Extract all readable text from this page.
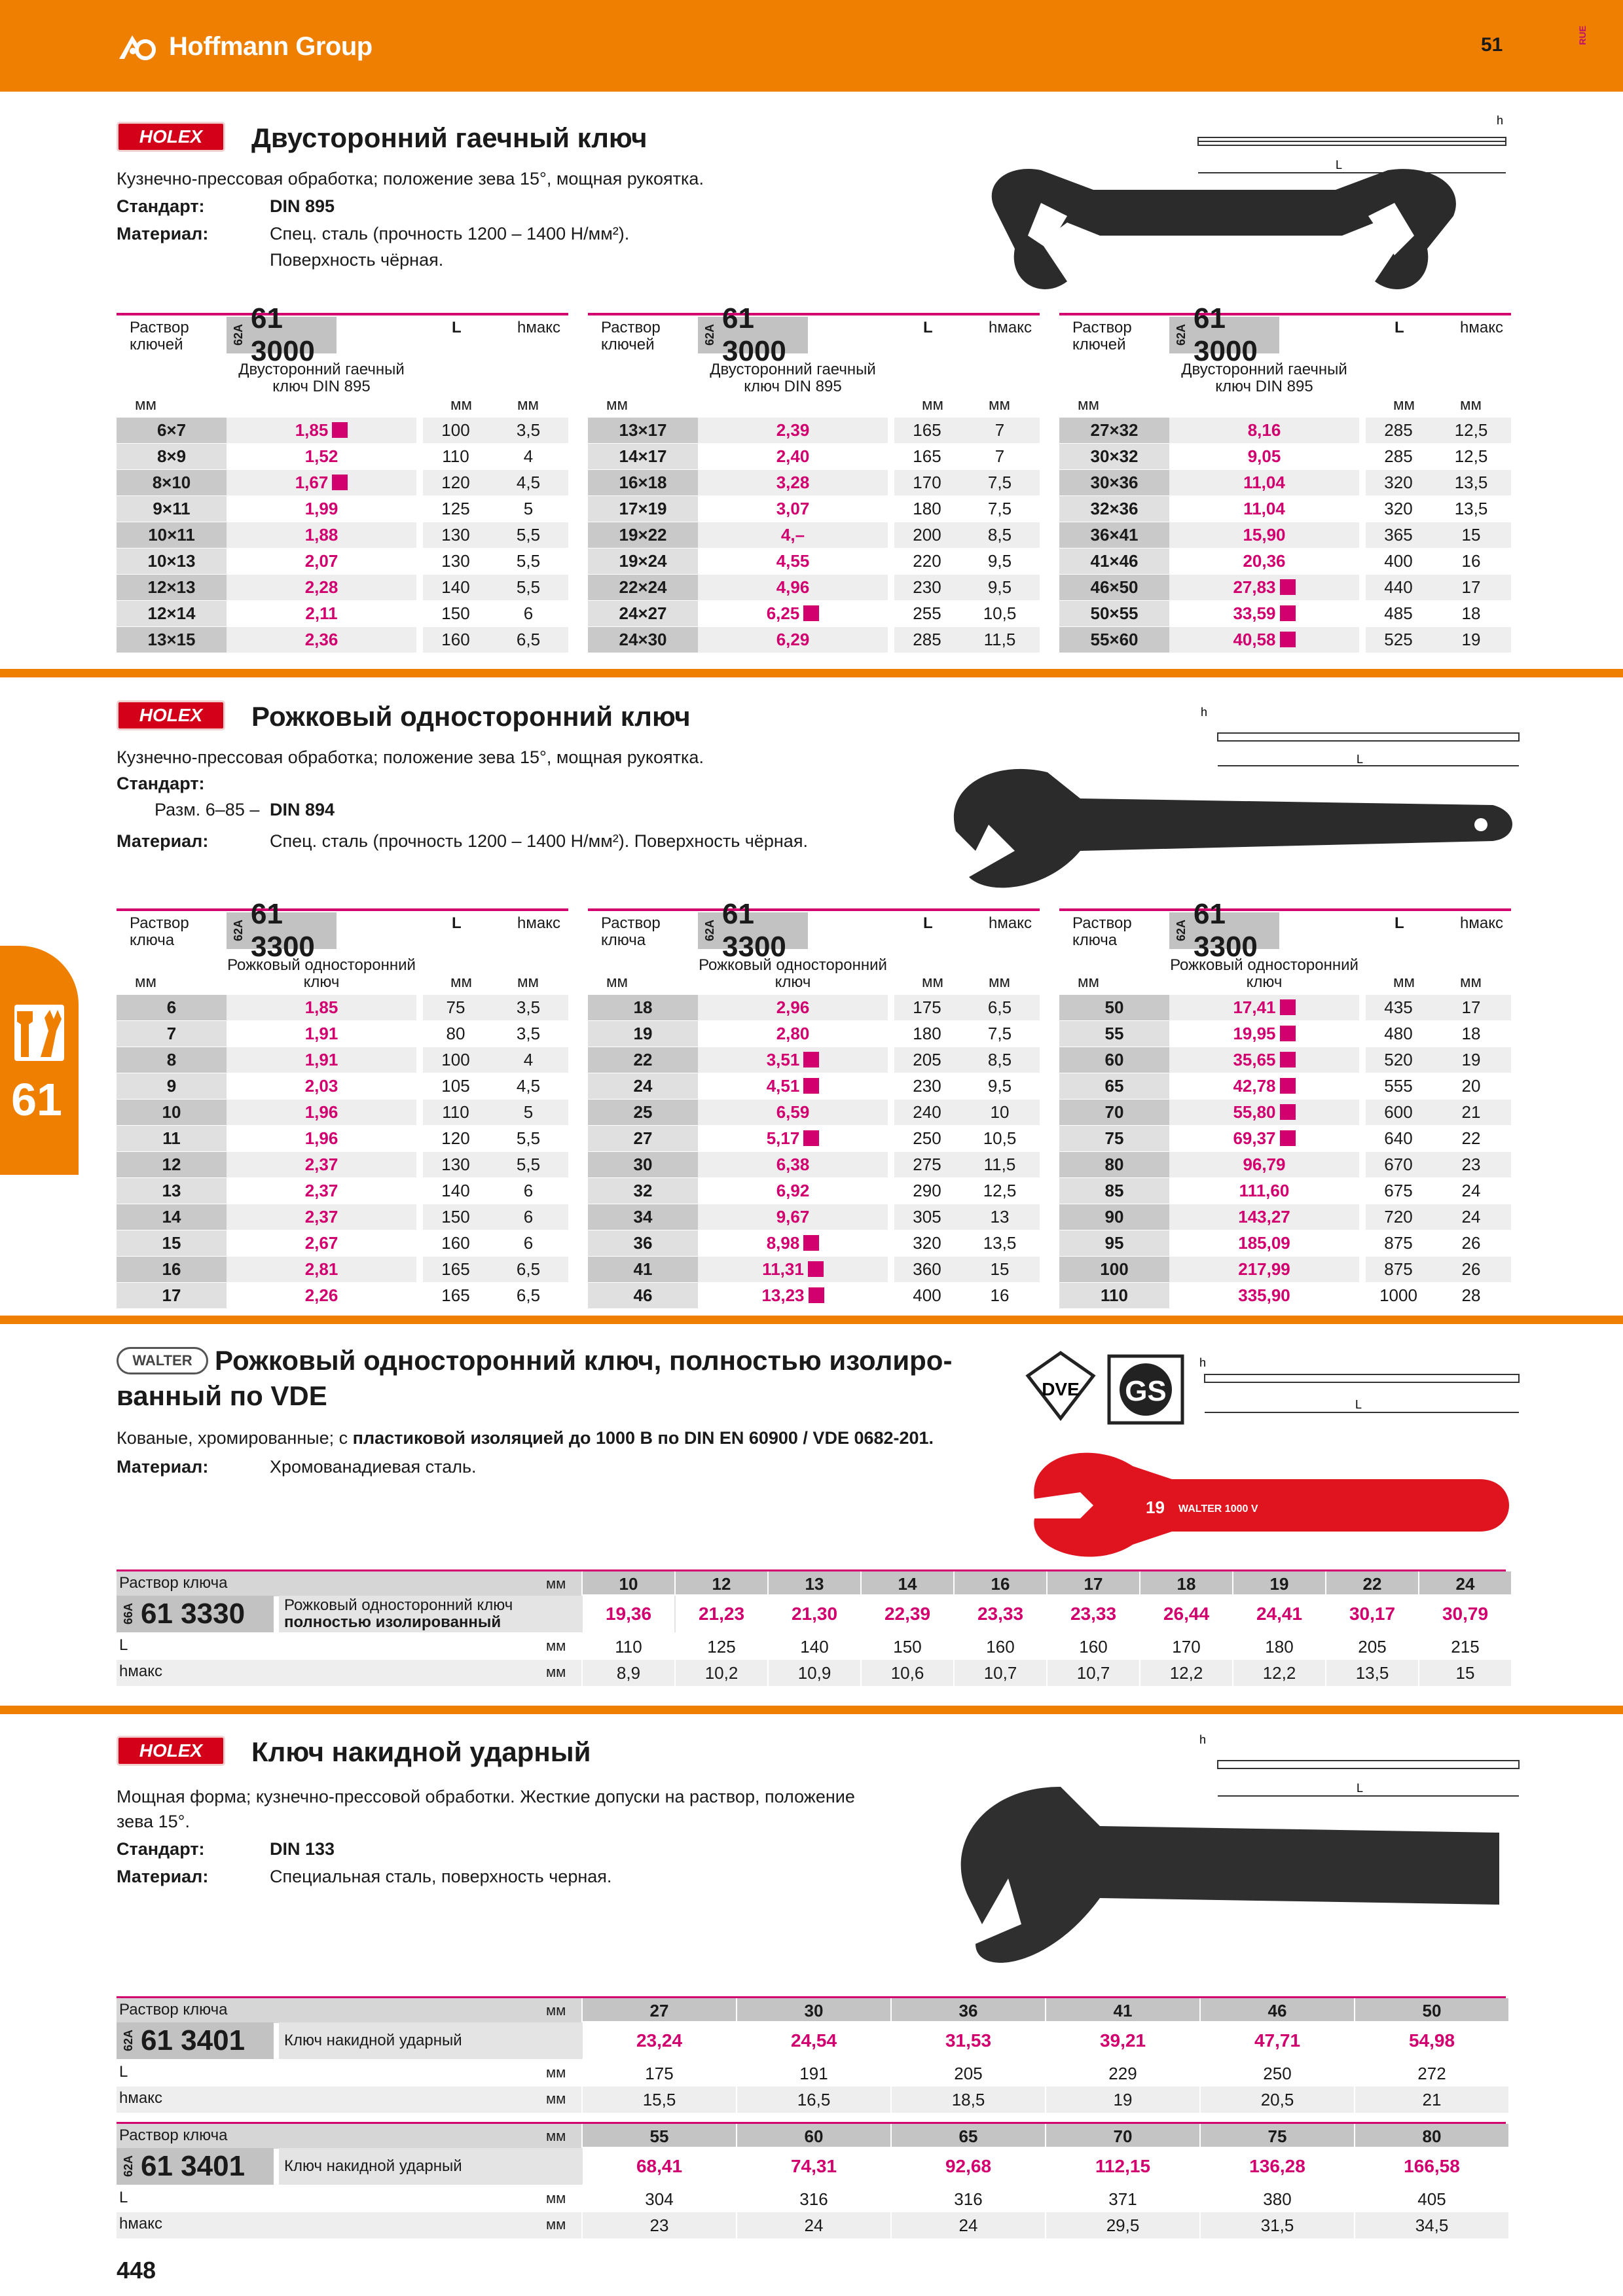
Hoffmann Group	51	RUE
61
HOLEX	Двусторонний гаечный ключ
Кузнечно-прессовая обработка; положение зева 15°, мощная рукоятка.
Стандарт:	DIN 895
Материал:	Спец. сталь (прочность 1200 – 1400 Н/мм²).
Поверхность чёрная.
L
h
Раствор ключей	62A
61 3000
L	hмакс
Двусторонний гаечный ключ DIN 895
мм	мм	мм
6×7	1,85		100	3,5
8×9	1,52		110	4
8×10	1,67		120	4,5
9×11	1,99		125	5
10×11	1,88		130	5,5
10×13	2,07		130	5,5
12×13	2,28		140	5,5
12×14	2,11		150	6
13×15	2,36		160	6,5
Раствор ключей	62A
61 3000
L	hмакс
Двусторонний гаечный ключ DIN 895
мм	мм	мм
13×17	2,39		165	7
14×17	2,40		165	7
16×18	3,28		170	7,5
17×19	3,07		180	7,5
19×22	4,–		200	8,5
19×24	4,55		220	9,5
22×24	4,96		230	9,5
24×27	6,25		255	10,5
24×30	6,29		285	11,5
Раствор ключей	62A
61 3000
L	hмакс
Двусторонний гаечный ключ DIN 895
мм	мм	мм
27×32	8,16		285	12,5
30×32	9,05		285	12,5
30×36	11,04		320	13,5
32×36	11,04		320	13,5
36×41	15,90		365	15
41×46	20,36		400	16
46×50	27,83		440	17
50×55	33,59		485	18
55×60	40,58		525	19
HOLEX	Рожковый односторонний ключ
Кузнечно-прессовая обработка; положение зева 15°, мощная рукоятка.
Стандарт:
Разм. 6–85 – DIN 894
Материал:	Спец. сталь (прочность 1200 – 1400 Н/мм²). Поверхность чёрная.
L
h
Раствор ключа	62A
61 3300
L	hмакс
Рожковый односторонний ключ
мм	мм	мм
6	1,85		75	3,5
7	1,91		80	3,5
8	1,91		100	4
9	2,03		105	4,5
10	1,96		110	5
11	1,96		120	5,5
12	2,37		130	5,5
13	2,37		140	6
14	2,37		150	6
15	2,67		160	6
16	2,81		165	6,5
17	2,26		165	6,5
Раствор ключа	62A
61 3300
L	hмакс
Рожковый односторонний ключ
мм	мм	мм
18	2,96		175	6,5
19	2,80		180	7,5
22	3,51		205	8,5
24	4,51		230	9,5
25	6,59		240	10
27	5,17		250	10,5
30	6,38		275	11,5
32	6,92		290	12,5
34	9,67		305	13
36	8,98		320	13,5
41	11,31		360	15
46	13,23		400	16
Раствор ключа	62A
61 3300
L	hмакс
Рожковый односторонний ключ
мм	мм	мм
50	17,41		435	17
55	19,95		480	18
60	35,65		520	19
65	42,78		555	20
70	55,80		600	21
75	69,37		640	22
80	96,79		670	23
85	111,60		675	24
90	143,27		720	24
95	185,09		875	26
100	217,99		875	26
110	335,90		1000	28
WALTER Рожковый односторонний ключ, полностью изолиро-
ванный по VDE
Кованые, хромированные; с пластиковой изоляцией до 1000 В по DIN EN 60900 / VDE 0682-201.
Материал:	Хромованадиевая сталь.
DVE GS	L
h
19 WALTER 1000 V
Раствор ключа	мм	10	12	13	14	16	17	18	19	22	24
66A 61 3330 Рожковый односторонний ключ
полностью изолированный	19,36	21,23	21,30	22,39	23,33	23,33	26,44	24,41	30,17	30,79
L	мм	110	125	140	150	160	160	170	180	205	215
hмакс	мм	8,9	10,2	10,9	10,6	10,7	10,7	12,2	12,2	13,5	15
HOLEX	Ключ накидной ударный
Мощная форма; кузнечно-прессовой обработки. Жесткие допуски на раствор, положение
зева 15°.
Стандарт:	DIN 133
Материал:	Специальная сталь, поверхность черная.
L
h
Раствор ключа	мм	27	30	36	41	46	50
62A 61 3401 Ключ накидной ударный	23,24	24,54	31,53	39,21	47,71	54,98
L	мм	175	191	205	229	250	272
hмакс	мм	15,5	16,5	18,5	19	20,5	21
Раствор ключа	мм	55	60	65	70	75	80
62A 61 3401 Ключ накидной ударный	68,41	74,31	92,68	112,15	136,28	166,58
L	мм	304	316	316	371	380	405
hмакс	мм	23	24	24	29,5	31,5	34,5
448
